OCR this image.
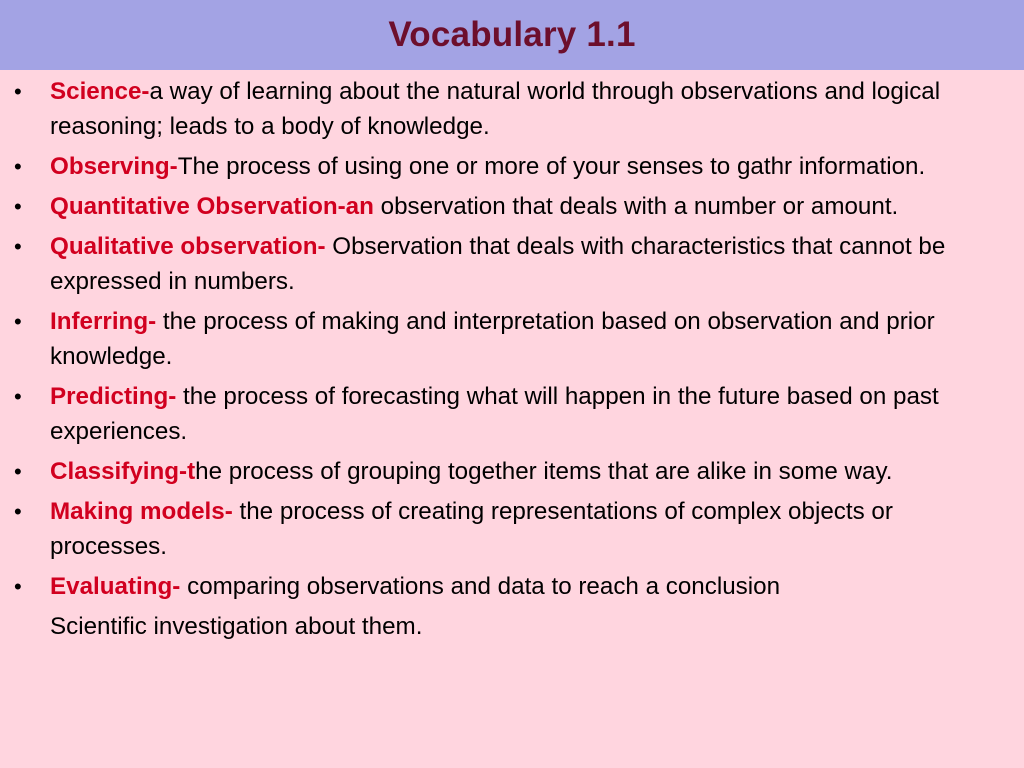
Vocabulary 1.1
• Science-a way of learning about the natural world through observations and logical reasoning; leads to a body of knowledge.
• Observing-The process of using one or more of your senses to gathr information.
• Quantitative Observation-an observation that deals with a number or amount.
• Qualitative observation- Observation that deals with characteristics that cannot be expressed in numbers.
• Inferring- the process of making and interpretation based on observation and prior knowledge.
• Predicting- the process of forecasting what will happen in the future based on past experiences.
• Classifying-the process of grouping together items that are alike in some way.
• Making models- the process of creating representations of complex objects or processes.
• Evaluating- comparing observations and data to reach a conclusion
Scientific investigation about them.
